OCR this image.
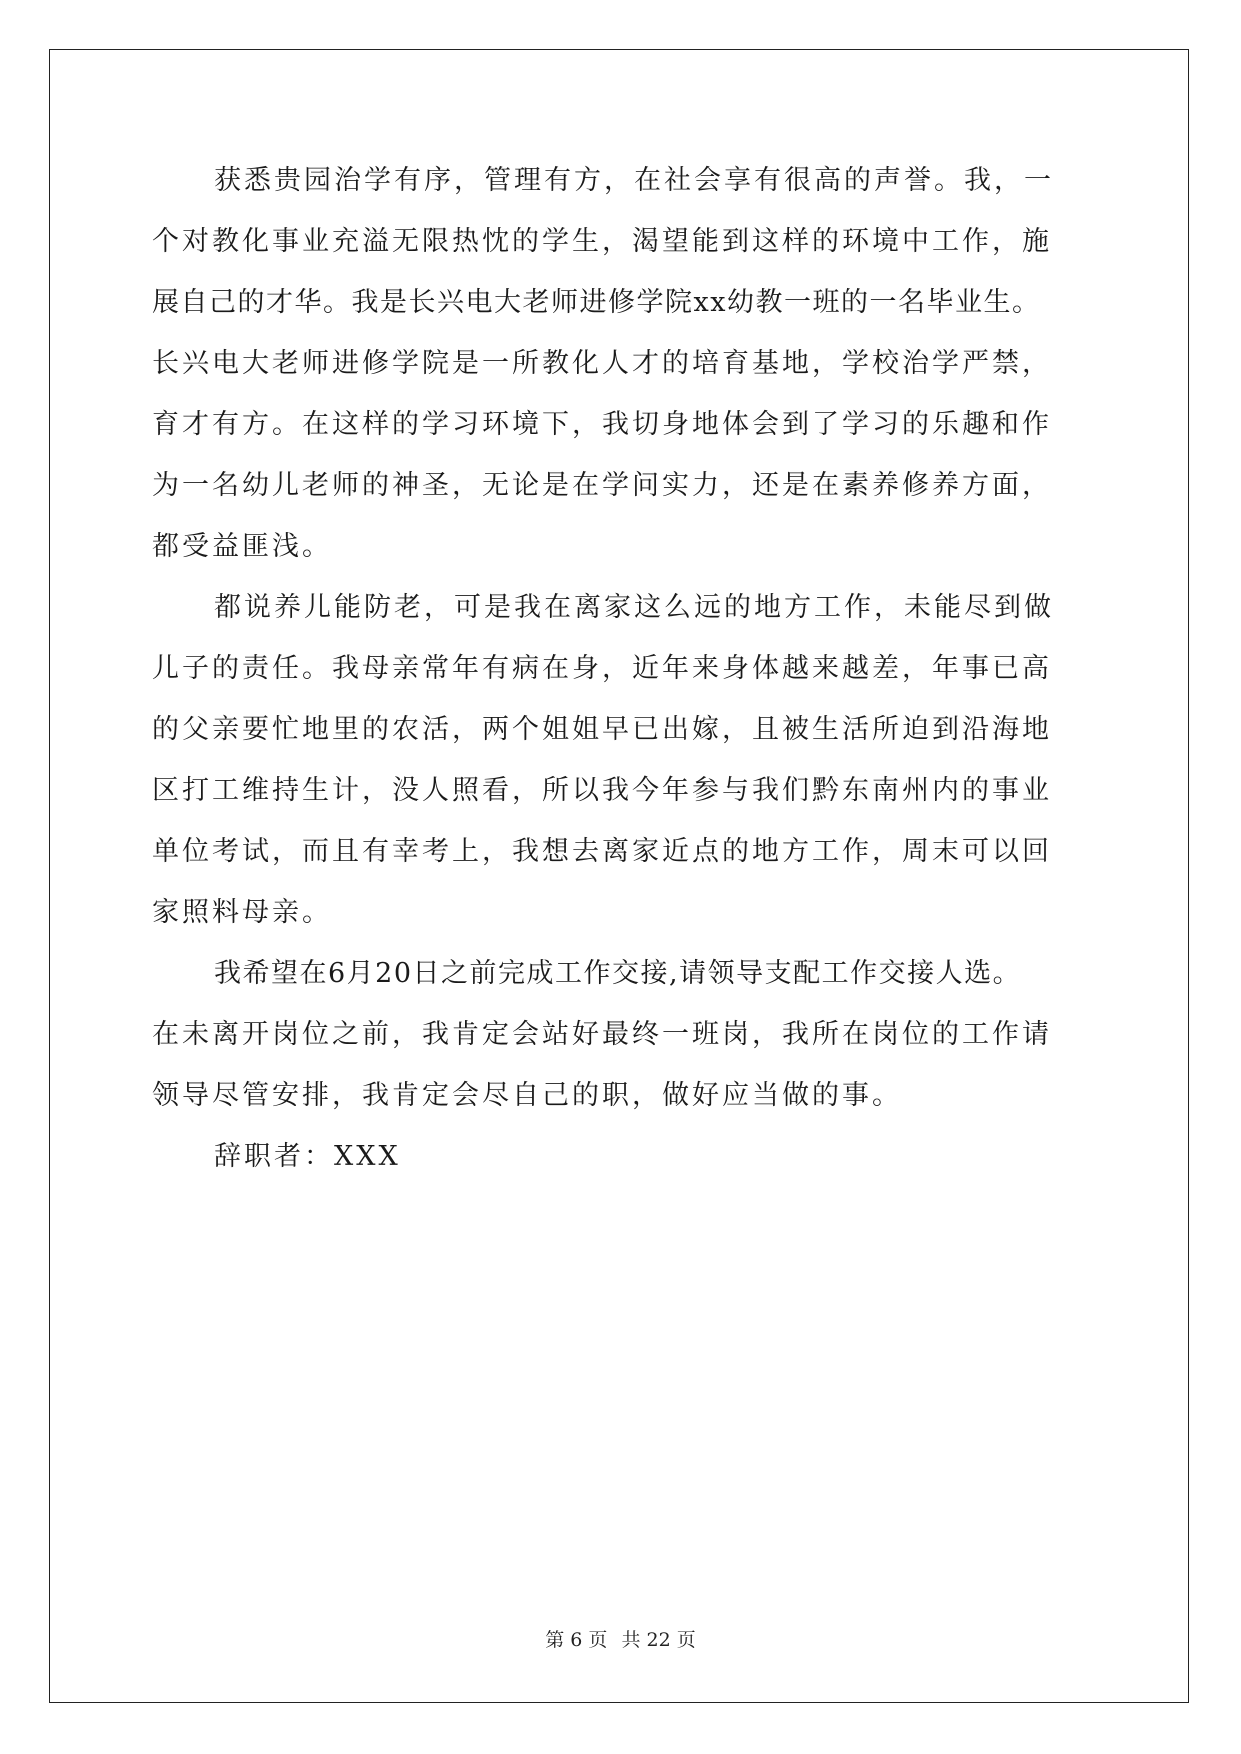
获悉贵园治学有序，管理有方，在社会享有很高的声誉。我，一
个对教化事业充溢无限热忱的学生，渴望能到这样的环境中工作，施
展自己的才华。我是长兴电大老师进修学院xx幼教一班的一名毕业生。
长兴电大老师进修学院是一所教化人才的培育基地，学校治学严禁，
育才有方。在这样的学习环境下，我切身地体会到了学习的乐趣和作
为一名幼儿老师的神圣，无论是在学问实力，还是在素养修养方面，
都受益匪浅。
都说养儿能防老，可是我在离家这么远的地方工作，未能尽到做
儿子的责任。我母亲常年有病在身，近年来身体越来越差，年事已高
的父亲要忙地里的农活，两个姐姐早已出嫁，且被生活所迫到沿海地
区打工维持生计，没人照看，所以我今年参与我们黔东南州内的事业
单位考试，而且有幸考上，我想去离家近点的地方工作，周末可以回
家照料母亲。
我希望在6月20日之前完成工作交接,请领导支配工作交接人选。
在未离开岗位之前，我肯定会站好最终一班岗，我所在岗位的工作请
领导尽管安排，我肯定会尽自己的职，做好应当做的事。
辞职者：XXX
第 6 页 共 22 页
